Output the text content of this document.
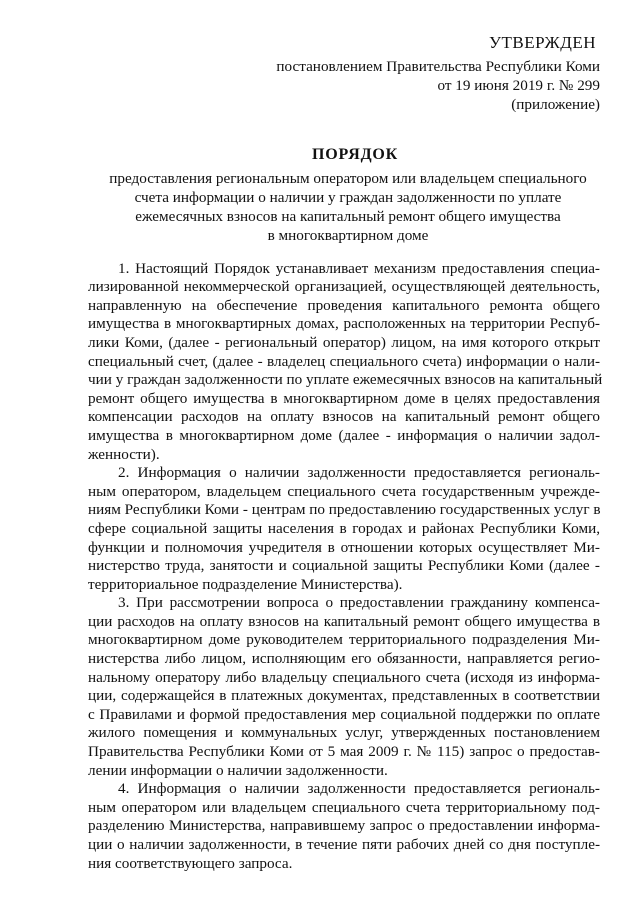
УТВЕРЖДЕН
постановлением Правительства Республики Коми
от 19 июня 2019 г. № 299
(приложение)
ПОРЯДОК
предоставления региональным оператором или владельцем специального
счета информации о наличии у граждан задолженности по уплате
ежемесячных взносов на капитальный ремонт общего имущества
в многоквартирном доме

1. Настоящий Порядок устанавливает механизм предоставления специа-
лизированной некоммерческой организацией, осуществляющей деятельность,
направленную на обеспечение проведения капитального ремонта общего
имущества в многоквартирных домах, расположенных на территории Респуб-
лики Коми, (далее - региональный оператор) лицом, на имя которого открыт
специальный счет, (далее - владелец специального счета) информации о нали-
чии у граждан задолженности по уплате ежемесячных взносов на капитальный
ремонт общего имущества в многоквартирном доме в целях предоставления
компенсации расходов на оплату взносов на капитальный ремонт общего
имущества в многоквартирном доме (далее - информация о наличии задол-
женности).

2. Информация о наличии задолженности предоставляется региональ-
ным оператором, владельцем специального счета государственным учрежде-
ниям Республики Коми - центрам по предоставлению государственных услуг в
сфере социальной защиты населения в городах и районах Республики Коми,
функции и полномочия учредителя в отношении которых осуществляет Ми-
нистерство труда, занятости и социальной защиты Республики Коми (далее -
территориальное подразделение Министерства).

3. При рассмотрении вопроса о предоставлении гражданину компенса-
ции расходов на оплату взносов на капитальный ремонт общего имущества в
многоквартирном доме руководителем территориального подразделения Ми-
нистерства либо лицом, исполняющим его обязанности, направляется регио-
нальному оператору либо владельцу специального счета (исходя из информа-
ции, содержащейся в платежных документах, представленных в соответствии
с Правилами и формой предоставления мер социальной поддержки по оплате
жилого помещения и коммунальных услуг, утвержденных постановлением
Правительства Республики Коми от 5 мая 2009 г. № 115) запрос о предостав-
лении информации о наличии задолженности.

4. Информация о наличии задолженности предоставляется региональ-
ным оператором или владельцем специального счета территориальному под-
разделению Министерства, направившему запрос о предоставлении информа-
ции о наличии задолженности, в течение пяти рабочих дней со дня поступле-
ния соответствующего запроса.
